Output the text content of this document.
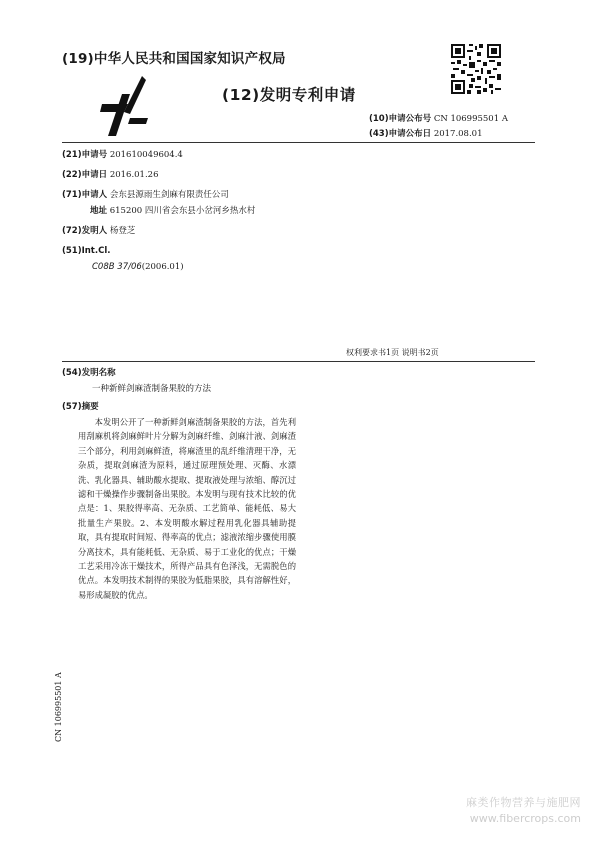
(19)中华人民共和国国家知识产权局
(12)发明专利申请
(10)申请公布号 CN 106995501 A
(43)申请公布日 2017.08.01
(21)申请号 201610049604.4
(22)申请日 2016.01.26
(71)申请人 会东县源雨生剑麻有限责任公司
地址 615200 四川省会东县小岔河乡热水村
(72)发明人 杨登芝
(51)Int.Cl.
C08B 37/06(2006.01)
权利要求书1页 说明书2页
(54)发明名称
一种新鲜剑麻渣制备果胶的方法
(57)摘要
本发明公开了一种新鲜剑麻渣制备果胶的方法，首先利用刮麻机将剑麻鲜叶片分解为剑麻纤维、剑麻汁液、剑麻渣三个部分，利用剑麻鲜渣，将麻渣里的乱纤维清理干净，无杂质，提取剑麻渣为原料，通过原理预处理、灭酶、水漂洗、乳化器具、辅助酸水提取、提取液处理与浓缩、醇沉过滤和干燥操作步骤制备出果胶。本发明与现有技术比较的优点是：1、果胶得率高、无杂质、工艺简单、能耗低、易大批量生产果胶。2、本发明酸水解过程用乳化器具辅助提取，具有提取时间短、得率高的优点；滤液浓缩步骤使用膜分离技术，具有能耗低、无杂质、易于工业化的优点；干燥工艺采用冷冻干燥技术，所得产品具有色泽浅，无需脱色的优点。本发明技术制得的果胶为低脂果胶，具有溶解性好，易形成凝胶的优点。
CN 106995501 A
麻类作物营养与施肥网
www.fibercrops.com
